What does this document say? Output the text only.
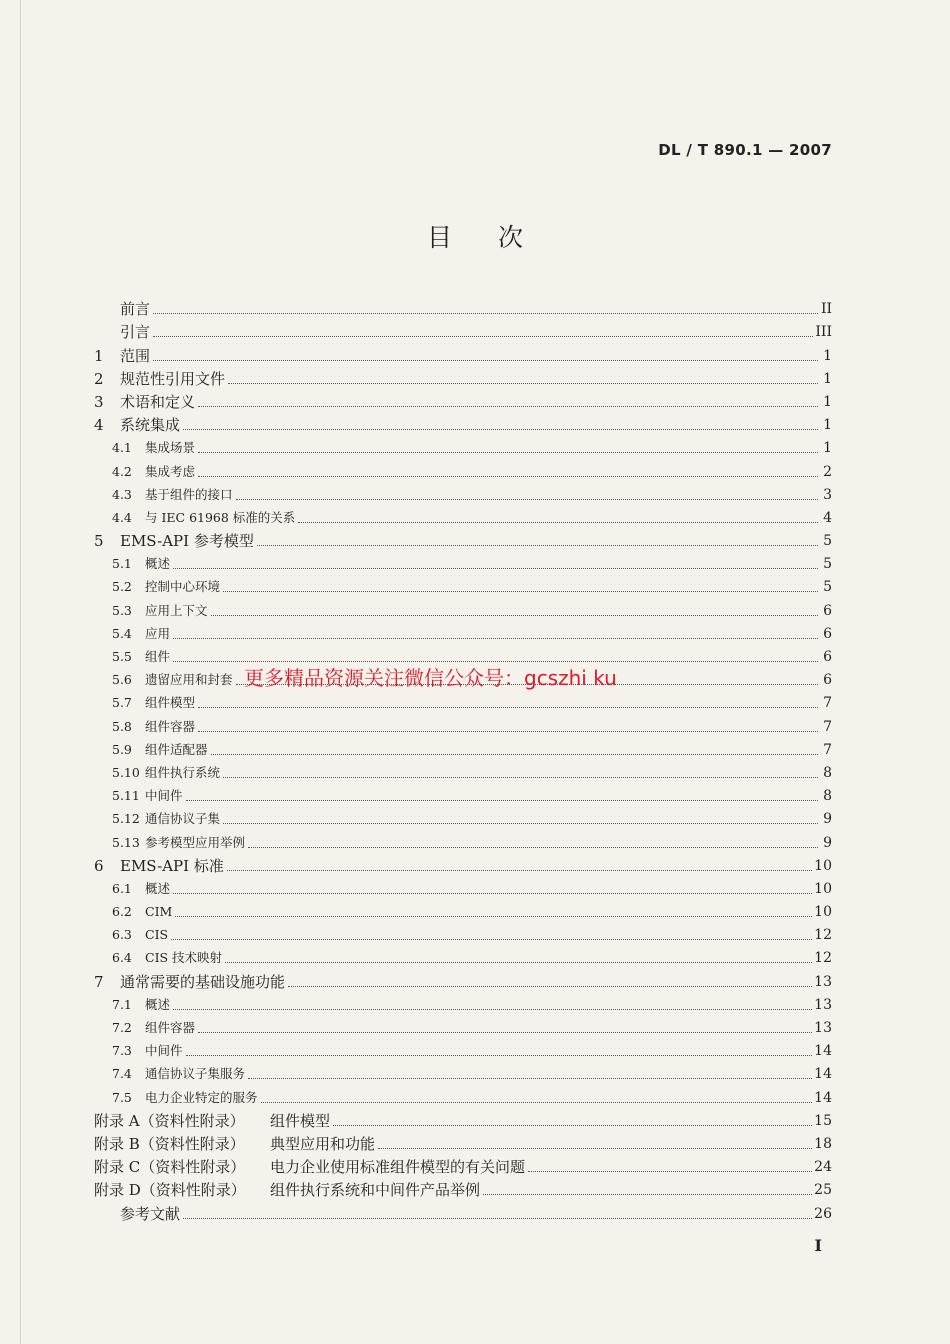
DL / T 890.1 — 2007
目次
前言	II
引言	III
1	范围	1
2	规范性引用文件	1
3	术语和定义	1
4	系统集成	1
4.1	集成场景	1
4.2	集成考虑	2
4.3	基于组件的接口	3
4.4	与 IEC 61968 标准的关系	4
5	EMS-API 参考模型	5
5.1	概述	5
5.2	控制中心环境	5
5.3	应用上下文	6
5.4	应用	6
5.5	组件	6
5.6	遗留应用和封套	6
5.7	组件模型	7
5.8	组件容器	7
5.9	组件适配器	7
5.10 组件执行系统	8
5.11 中间件	8
5.12 通信协议子集	9
5.13 参考模型应用举例	9
6	EMS-API 标准	10
6.1	概述	10
6.2	CIM	10
6.3	CIS	12
6.4	CIS 技术映射	12
7	通常需要的基础设施功能	13
7.1	概述	13
7.2	组件容器	13
7.3	中间件	14
7.4	通信协议子集服务	14
7.5	电力企业特定的服务	14
附录 A（资料性附录）	组件模型	15
附录 B（资料性附录）	典型应用和功能	18
附录 C（资料性附录）	电力企业使用标准组件模型的有关问题	24
附录 D（资料性附录）	组件执行系统和中间件产品举例	25
参考文献	26
更多精品资源关注微信公众号：gcszhi ku
I
